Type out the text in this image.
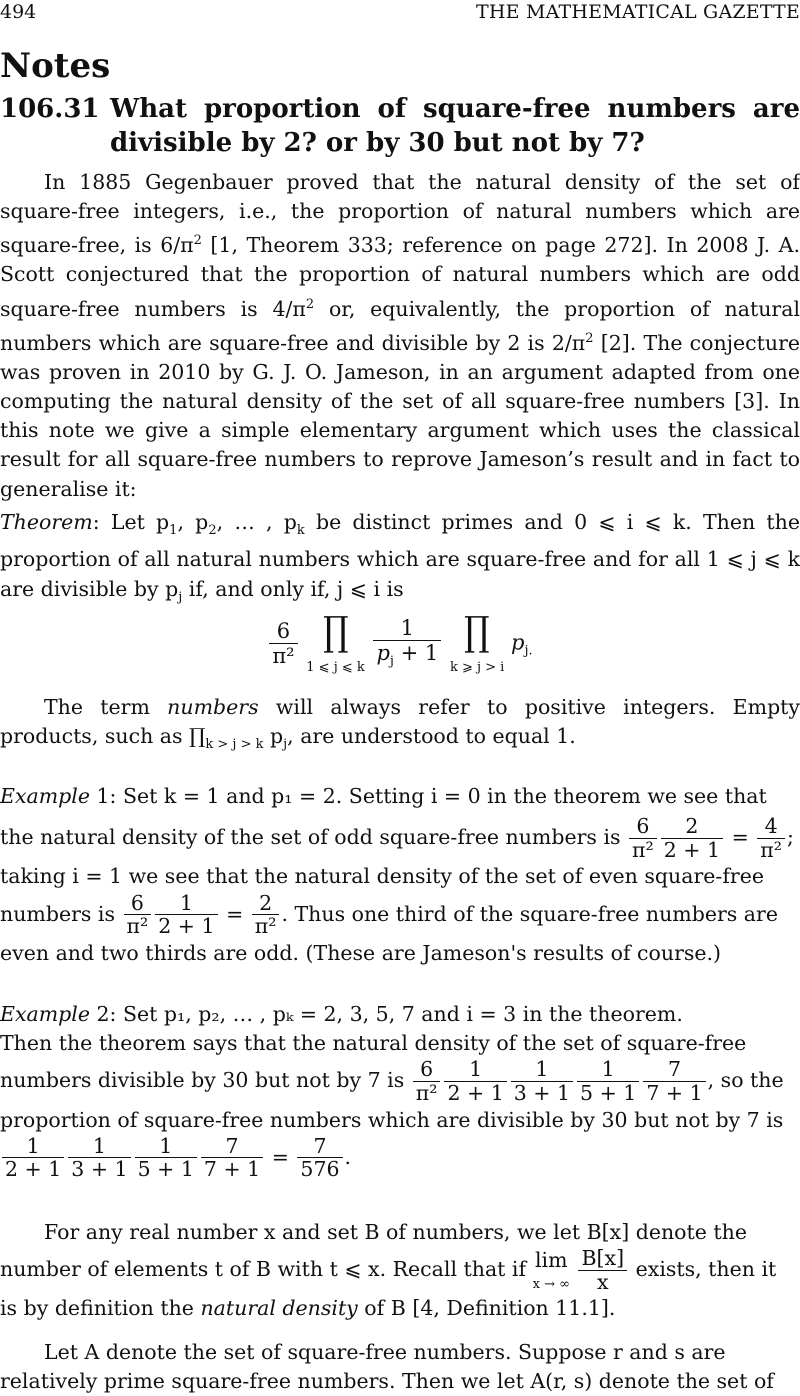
494	THE MATHEMATICAL GAZETTE
Notes
106.31 What proportion of square-free numbers are
divisible by 2? or by 30 but not by 7?

In 1885 Gegenbauer proved that the natural density of the set of square-free integers, i.e., the proportion of natural numbers which are square-free, is $6/\pi^2$ [1, Theorem 333; reference on page 272]. In 2008 J. A. Scott conjectured that the proportion of natural numbers which are odd square-free numbers is $4/\pi^2$ or, equivalently, the proportion of natural numbers which are square-free and divisible by 2 is $2/\pi^2$ [2]. The conjecture was proven in 2010 by G. J. O. Jameson, in an argument adapted from one computing the natural density of the set of all square-free numbers [3]. In this note we give a simple elementary argument which uses the classical result for all square-free numbers to reprove Jameson’s result and in fact to generalise it:

Theorem: Let $p_1$, $p_2$, … , $p_k$ be distinct primes and 0 ⩽ i ⩽ k. Then the proportion of all natural numbers which are square-free and for all 1 ⩽ j ⩽ k are divisible by $p_j$ if, and only if, j ⩽ i is

$\frac{6}{\text{π²}}$ ∏
1 ⩽ j ⩽ k $\frac{1}{p_j + 1}$ ∏
k ⩾ j > i $p_{j.}$

The term numbers will always refer to positive integers. Empty products, such as $\prod_{k > j > k}$ $p_j$, are understood to equal 1.

Example 1: Set k = 1 and p₁ = 2. Setting i = 0 in the theorem we see that
the natural density of the set of odd square-free numbers is $\frac{6}{\text{π²}} \frac{2}{2 + 1} = \frac{4}{\text{π²}}$ ;
taking i = 1 we see that the natural density of the set of even square-free
numbers is $\frac{6}{\text{π²}} \frac{1}{2 + 1} = \frac{2}{\text{π²}}$ . Thus one third of the square-free numbers are
even and two thirds are odd. (These are Jameson's results of course.)
Example 2: Set p₁, p₂, … , pₖ = 2, 3, 5, 7 and i = 3 in the theorem.
Then the theorem says that the natural density of the set of square-free
numbers divisible by 30 but not by 7 is $\frac{6}{\text{π²}} \frac{1}{2 + 1} \frac{1}{3 + 1} \frac{1}{5 + 1} \frac{7}{7 + 1}$ , so the
proportion of square-free numbers which are divisible by 30 but not by 7 is
$\frac{1}{2 + 1} \frac{1}{3 + 1} \frac{1}{5 + 1} \frac{7}{7 + 1} = \frac{7}{576}$ .
For any real number x and set B of numbers, we let B[x] denote the
number of elements t of B with t ⩽ x. Recall that if lim
x → ∞
$\frac{B[x]}{x}$ exists, then it
is by definition the natural density of B [4, Definition 11.1].
Let A denote the set of square-free numbers. Suppose r and s are
relatively prime square-free numbers. Then we let A(r, s) denote the set of
